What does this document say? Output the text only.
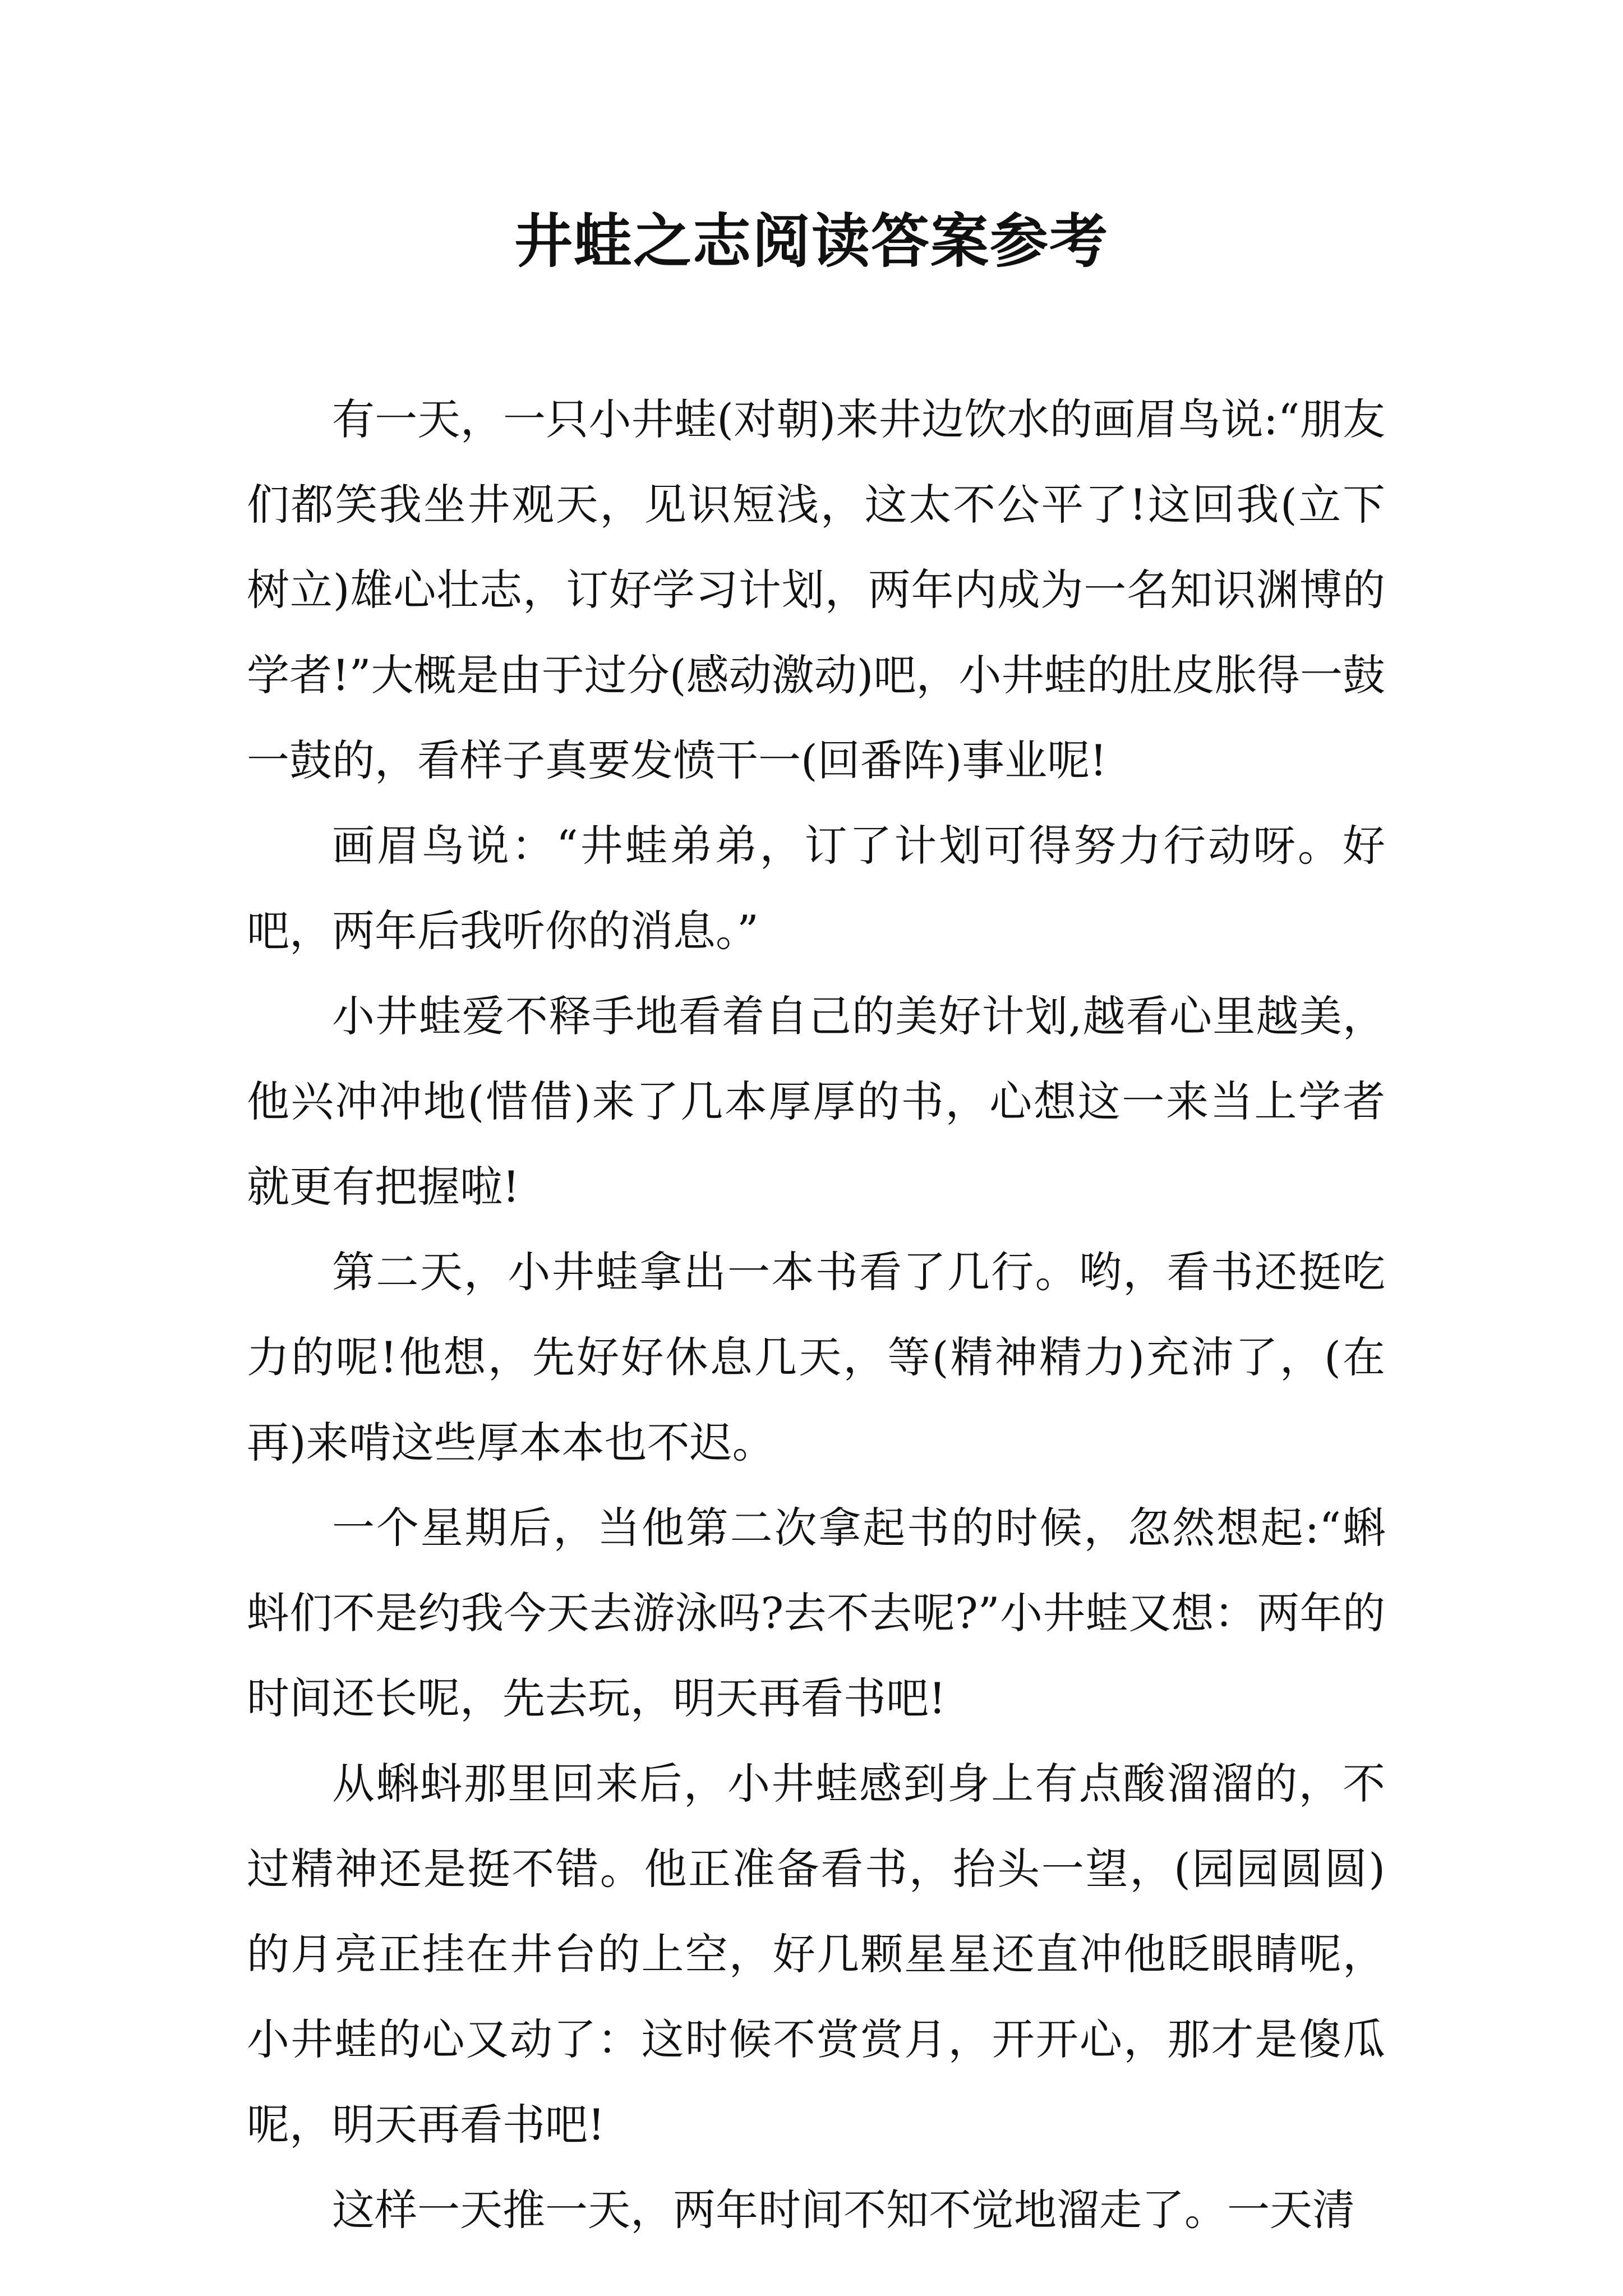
井蛙之志阅读答案参考

有一天，一只小井蛙(对朝)来井边饮水的画眉鸟说:“朋友们都笑我坐井观天，见识短浅，这太不公平了!这回我(立下树立)雄心壮志，订好学习计划，两年内成为一名知识渊博的学者!”大概是由于过分(感动激动)吧，小井蛙的肚皮胀得一鼓一鼓的，看样子真要发愤干一(回番阵)事业呢!

画眉鸟说：“井蛙弟弟，订了计划可得努力行动呀。好吧，两年后我听你的消息。”

小井蛙爱不释手地看着自己的美好计划,越看心里越美，他兴冲冲地(惜借)来了几本厚厚的书，心想这一来当上学者就更有把握啦!

第二天，小井蛙拿出一本书看了几行。哟，看书还挺吃力的呢!他想，先好好休息几天，等(精神精力)充沛了，(在再)来啃这些厚本本也不迟。

一个星期后，当他第二次拿起书的时候，忽然想起:“蝌蚪们不是约我今天去游泳吗?去不去呢?”小井蛙又想：两年的时间还长呢，先去玩，明天再看书吧!

从蝌蚪那里回来后，小井蛙感到身上有点酸溜溜的，不过精神还是挺不错。他正准备看书，抬头一望，(园园圆圆)的月亮正挂在井台的上空，好几颗星星还直冲他眨眼睛呢，小井蛙的心又动了：这时候不赏赏月，开开心，那才是傻瓜呢，明天再看书吧!

这样一天推一天，两年时间不知不觉地溜走了。一天清
